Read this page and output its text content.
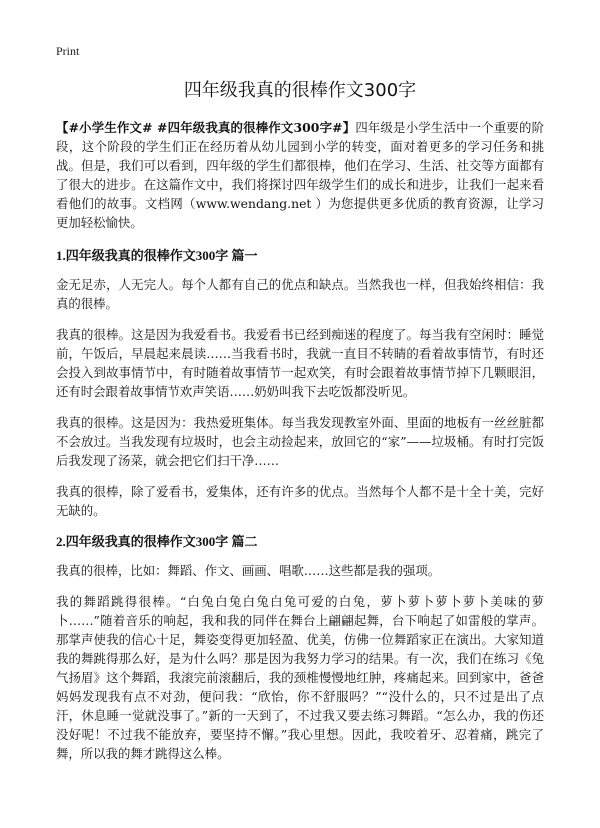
Print

四年级我真的很棒作文300字

【#小学生作文# #四年级我真的很棒作文300字#】四年级是小学生活中一个重要的阶段，这个阶段的学生们正在经历着从幼儿园到小学的转变，面对着更多的学习任务和挑战。但是，我们可以看到，四年级的学生们都很棒，他们在学习、生活、社交等方面都有了很大的进步。在这篇作文中，我们将探讨四年级学生们的成长和进步，让我们一起来看看他们的故事。文档网（www.wendang.net ）为您提供更多优质的教育资源，让学习更加轻松愉快。

1.四年级我真的很棒作文300字 篇一

金无足赤，人无完人。每个人都有自己的优点和缺点。当然我也一样，但我始终相信：我真的很棒。

我真的很棒。这是因为我爱看书。我爱看书已经到痴迷的程度了。每当我有空闲时：睡觉前，午饭后，早晨起来晨读……当我看书时，我就一直目不转睛的看着故事情节，有时还会投入到故事情节中，有时随着故事情节一起欢笑，有时会跟着故事情节掉下几颗眼泪，还有时会跟着故事情节欢声笑语……奶奶叫我下去吃饭都没听见。

我真的很棒。这是因为：我热爱班集体。每当我发现教室外面、里面的地板有一丝丝脏都不会放过。当我发现有垃圾时，也会主动捡起来，放回它的“家”——垃圾桶。有时打完饭后我发现了汤菜，就会把它们扫干净……

我真的很棒，除了爱看书，爱集体，还有许多的优点。当然每个人都不是十全十美，完好无缺的。

2.四年级我真的很棒作文300字 篇二

我真的很棒，比如：舞蹈、作文、画画、唱歌……这些都是我的强项。

我的舞蹈跳得很棒。“白兔白兔白兔白兔可爱的白兔，萝卜萝卜萝卜萝卜美味的萝卜……”随着音乐的响起，我和我的同伴在舞台上翩翩起舞，台下响起了如雷般的掌声。那掌声使我的信心十足，舞姿变得更加轻盈、优美，仿佛一位舞蹈家正在演出。大家知道我的舞跳得那么好，是为什么吗？那是因为我努力学习的结果。有一次，我们在练习《兔气扬眉》这个舞蹈，我滚完前滚翻后，我的颈椎慢慢地红肿，疼痛起来。回到家中，爸爸妈妈发现我有点不对劲，便问我：“欣怡，你不舒服吗？”“没什么的，只不过是出了点汗，休息睡一觉就没事了。”新的一天到了，不过我又要去练习舞蹈。“怎么办，我的伤还没好呢！不过我不能放弃，要坚持不懈。”我心里想。因此，我咬着牙、忍着痛，跳完了舞，所以我的舞才跳得这么棒。
